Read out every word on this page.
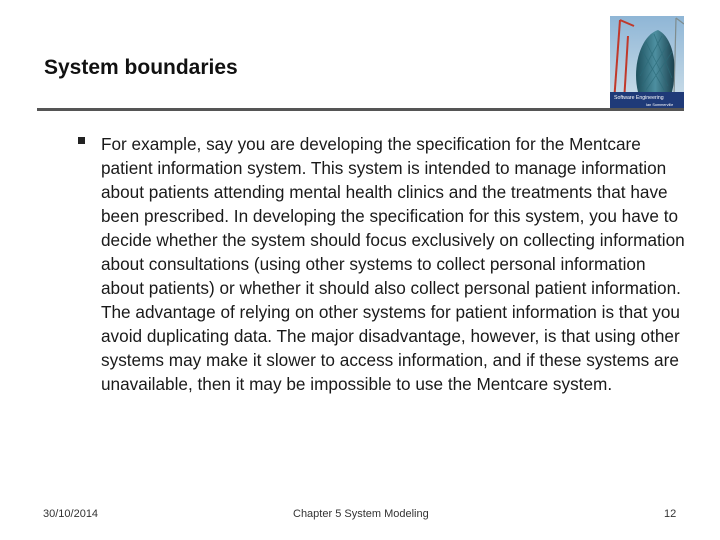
System boundaries
Software Engineering
Ian Sommerville
For example, say you are developing the specification for the Mentcare patient information system. This system is intended to manage information about patients attending mental health clinics and the treatments that have been prescribed. In developing the specification for this system, you have to decide whether the system should focus exclusively on collecting information about consultations (using other systems to collect personal information about patients) or whether it should also collect personal patient information. The advantage of relying on other systems for patient information is that you avoid duplicating data. The major disadvantage, however, is that using other systems may make it slower to access information, and if these systems are unavailable, then it may be impossible to use the Mentcare system.
30/10/2014	Chapter 5 System Modeling	12
